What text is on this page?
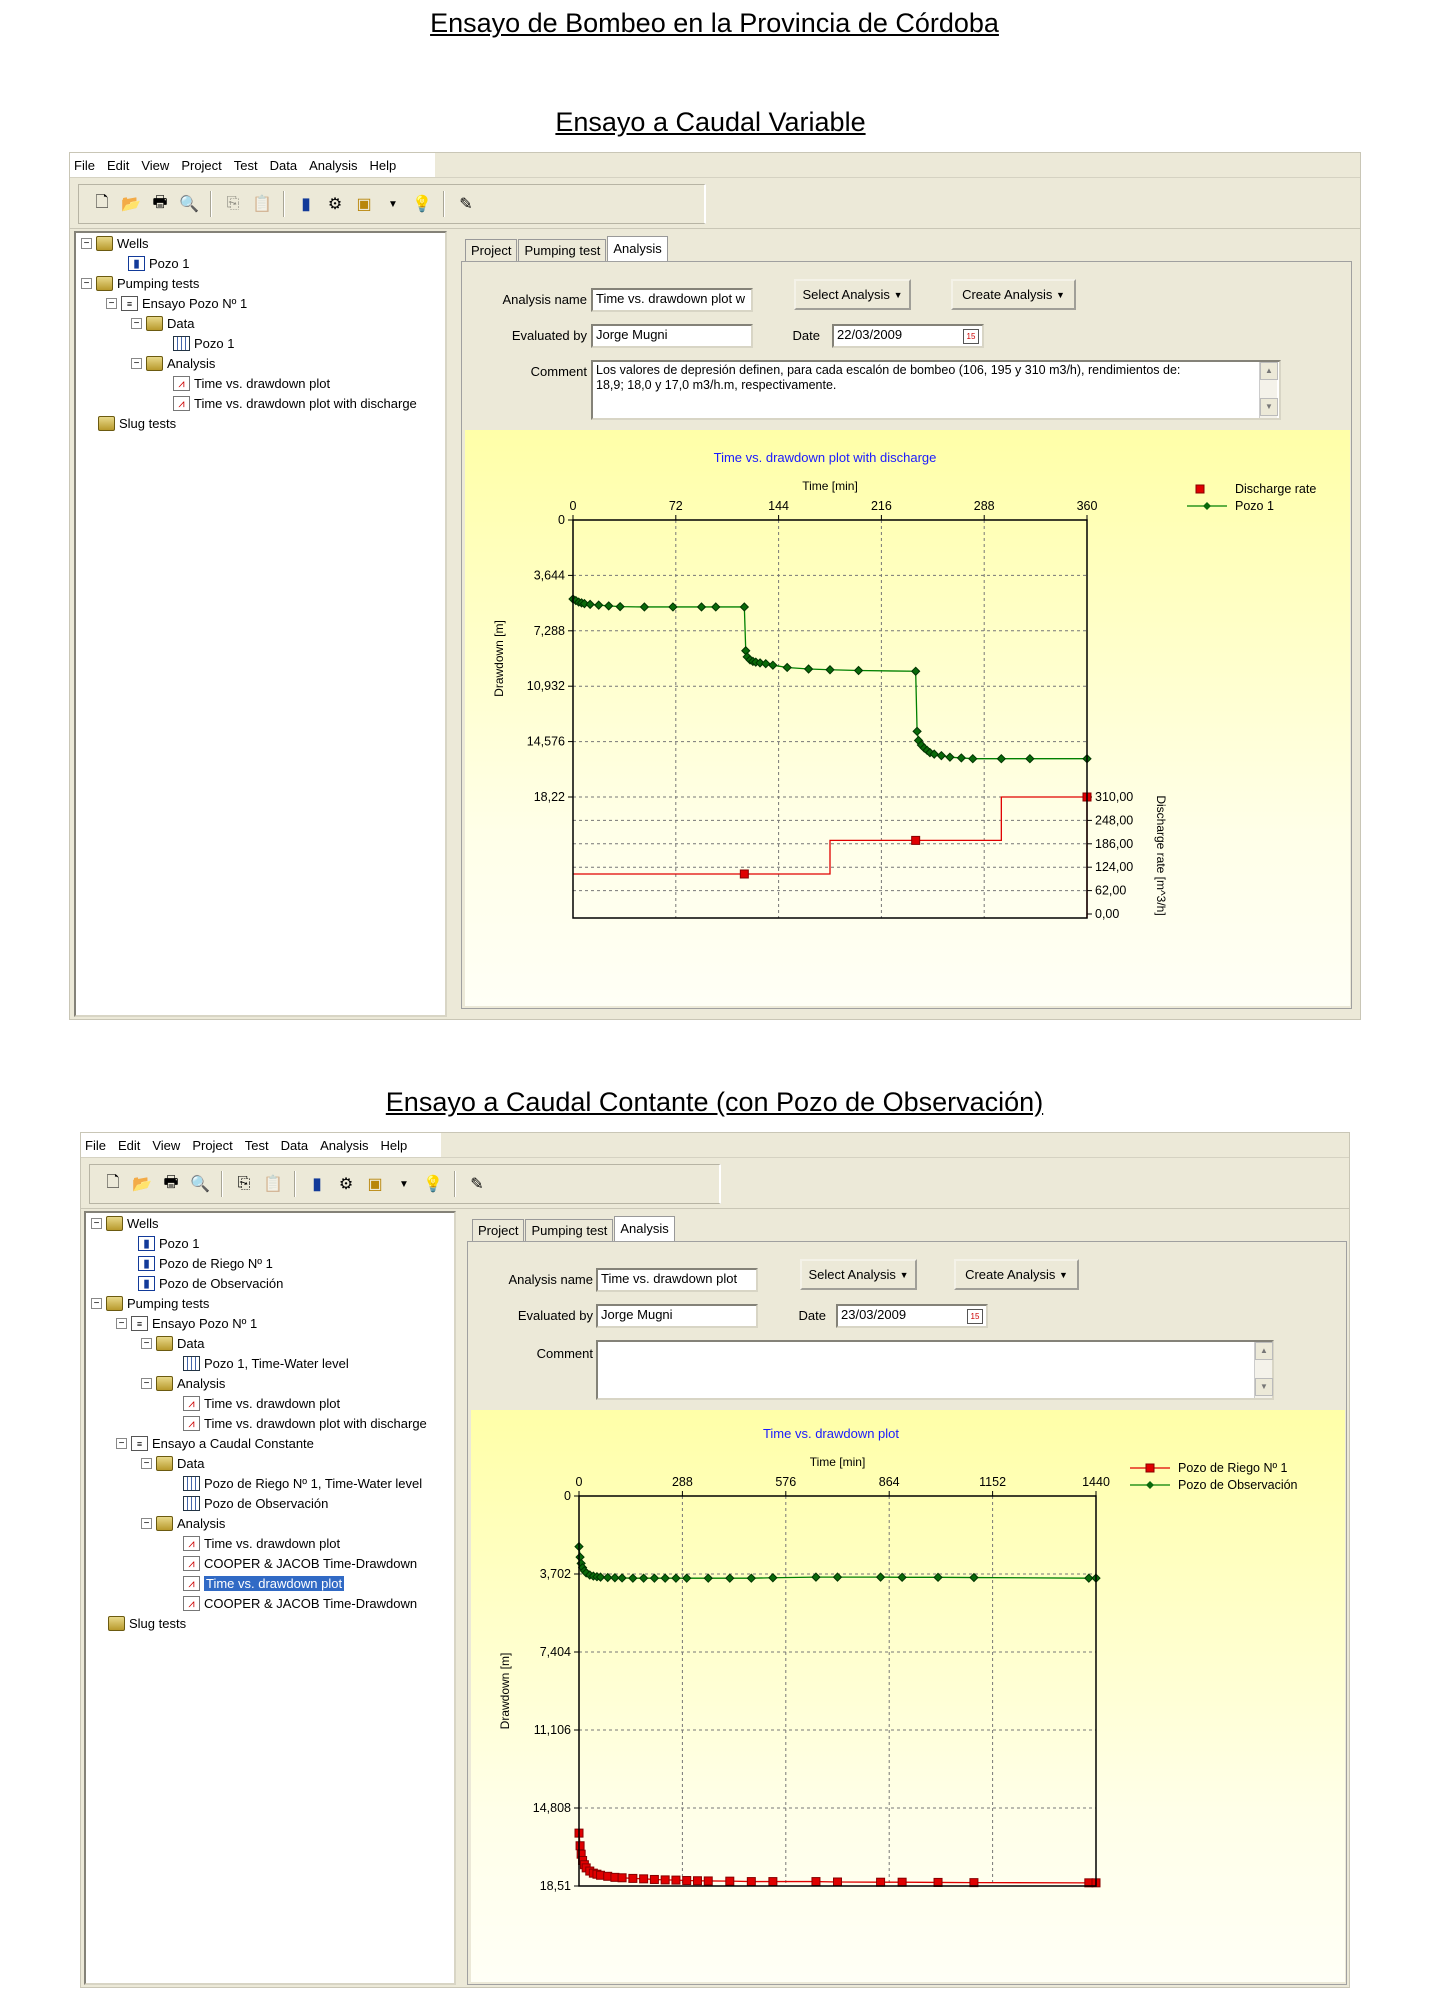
Ensayo de Bombeo en la Provincia de Córdoba
Ensayo a Caudal Variable
Ensayo a Caudal Contante (con Pozo de Observación)
File Edit View Project Test Data Analysis Help
🗋 📂 🖶 🔍 ⎘ 📋	▮	⚙ ▣	▼ 💡 ✎
− Wells
▮ Pozo 1
− Pumping tests
−	≡ Ensayo Pozo Nº 1
− Data
Pozo 1
− Analysis
⩘ Time vs. drawdown plot
⩘ Time vs. drawdown plot with discharge
Slug tests
Project	Pumping test	Analysis
Analysis name Time vs. drawdown plot w	Select Analysis
▼	Create Analysis
▼
Evaluated by Jorge Mugni	Date	22/03/2009	15
Comment Los valores de depresión definen, para cada escalón de bombeo (106, 195 y 310 m3/h), rendimientos de:
18,9; 18,0 y 17,0 m3/h.m, respectivamente.
▲
▼
Time vs. drawdown plot with discharge
Time [min]
0	72	144	216	288	360
0
3,644
7,288
10,932
14,576
18,22
Drawdown [m]
310,00
248,00
186,00
124,00
62,00
0,00	Discharge rate [m^3/h]
Discharge rate
Pozo 1
File Edit View Project Test Data Analysis Help
🗋 📂 🖶 🔍 ⎘ 📋	▮	⚙ ▣	▼ 💡 ✎
− Wells
▮ Pozo 1
▮ Pozo de Riego Nº 1
▮ Pozo de Observación
− Pumping tests
−	≡ Ensayo Pozo Nº 1
− Data
Pozo 1, Time-Water level
− Analysis
⩘ Time vs. drawdown plot
⩘ Time vs. drawdown plot with discharge
−	≡ Ensayo a Caudal Constante
− Data
Pozo de Riego Nº 1, Time-Water level
Pozo de Observación
− Analysis
⩘ Time vs. drawdown plot
⩘ COOPER & JACOB Time-Drawdown
⩘ Time vs. drawdown plot
⩘ COOPER & JACOB Time-Drawdown
Slug tests
Project	Pumping test	Analysis
Analysis name Time vs. drawdown plot	Select Analysis
▼	Create Analysis
▼
Evaluated by Jorge Mugni	Date	23/03/2009	15
Comment	▲
▼
Time vs. drawdown plot
Time [min]
0	288	576	864	1152	1440
0
3,702
7,404
11,106
14,808
18,51
Drawdown [m]
Pozo de Riego Nº 1
Pozo de Observación
